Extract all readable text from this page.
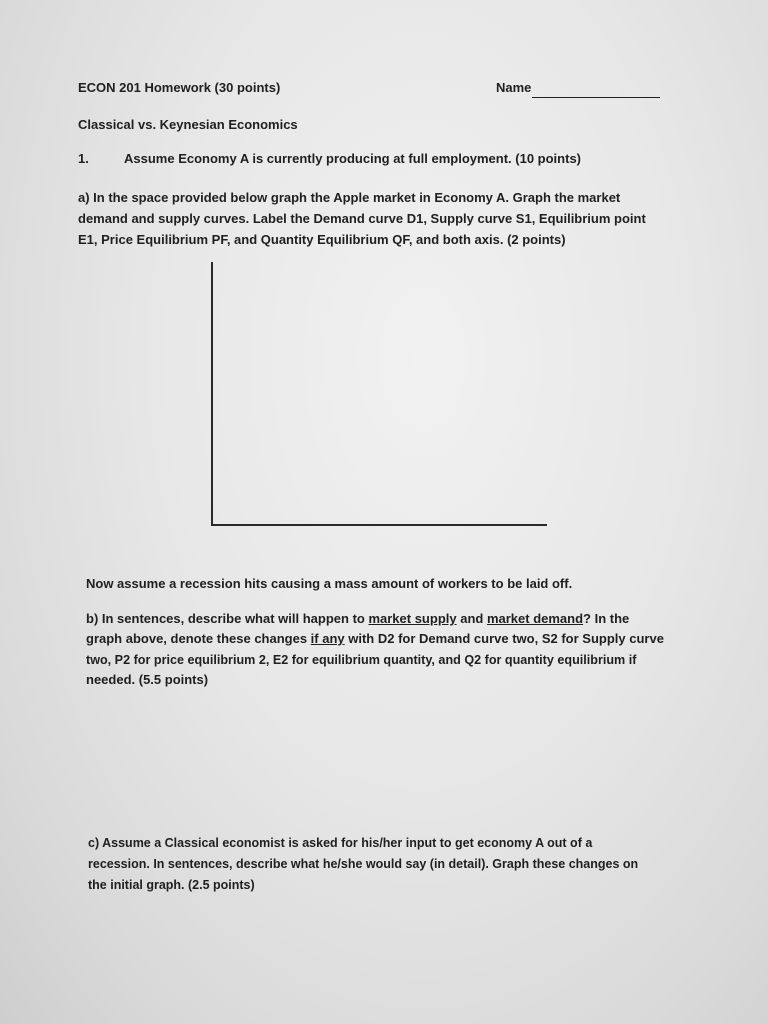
ECON 201 Homework (30 points)	Name
Classical vs. Keynesian Economics
1.	Assume Economy A is currently producing at full employment. (10 points)
a) In the space provided below graph the Apple market in Economy A. Graph the market
demand and supply curves. Label the Demand curve D1, Supply curve S1, Equilibrium point
E1, Price Equilibrium PF, and Quantity Equilibrium QF, and both axis. (2 points)
Now assume a recession hits causing a mass amount of workers to be laid off.
b) In sentences, describe what will happen to market supply and market demand? In the
graph above, denote these changes if any with D2 for Demand curve two, S2 for Supply curve
two, P2 for price equilibrium 2, E2 for equilibrium quantity, and Q2 for quantity equilibrium if
needed. (5.5 points)
c) Assume a Classical economist is asked for his/her input to get economy A out of a
recession. In sentences, describe what he/she would say (in detail). Graph these changes on
the initial graph. (2.5 points)
